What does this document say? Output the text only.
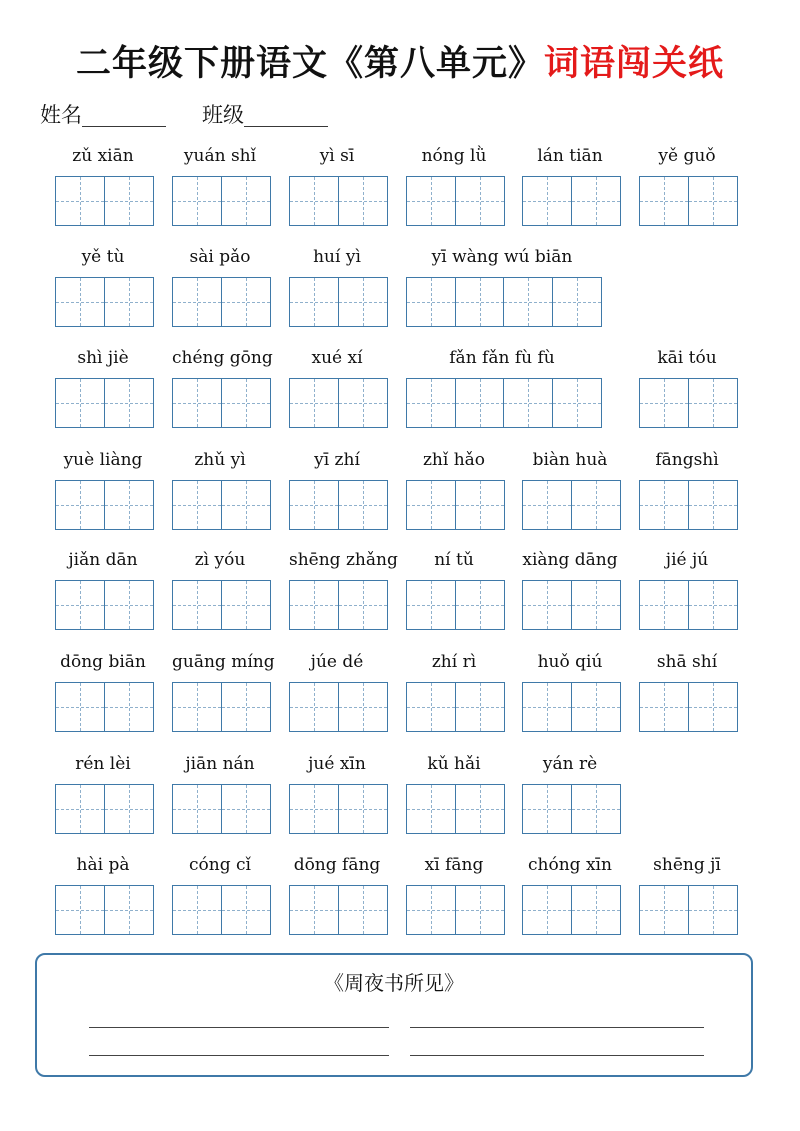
二年级下册语文《第八单元》词语闯关纸
姓名________ 班级________
zǔ xiān	yuán shǐ	yì sī	nóng lǜ	lán tiān	yě guǒ
yě tù	sài pǎo	huí yì	yī wàng wú biān
shì jiè	chéng gōng	xué xí	fǎn fǎn fù fù	kāi tóu
yuè liàng	zhǔ yì	yī zhí	zhǐ hǎo	biàn huà	fāngshì
jiǎn dān	zì yóu	shēng zhǎng	ní tǔ	xiàng dāng	jié jú
dōng biān	guāng míng	júe dé	zhí rì	huǒ qiú	shā shí
rén lèi	jiān nán	jué xīn	kǔ hǎi	yán rè
hài pà	cóng cǐ	dōng fāng	xī fāng	chóng xīn	shēng jī
《周夜书所见》
